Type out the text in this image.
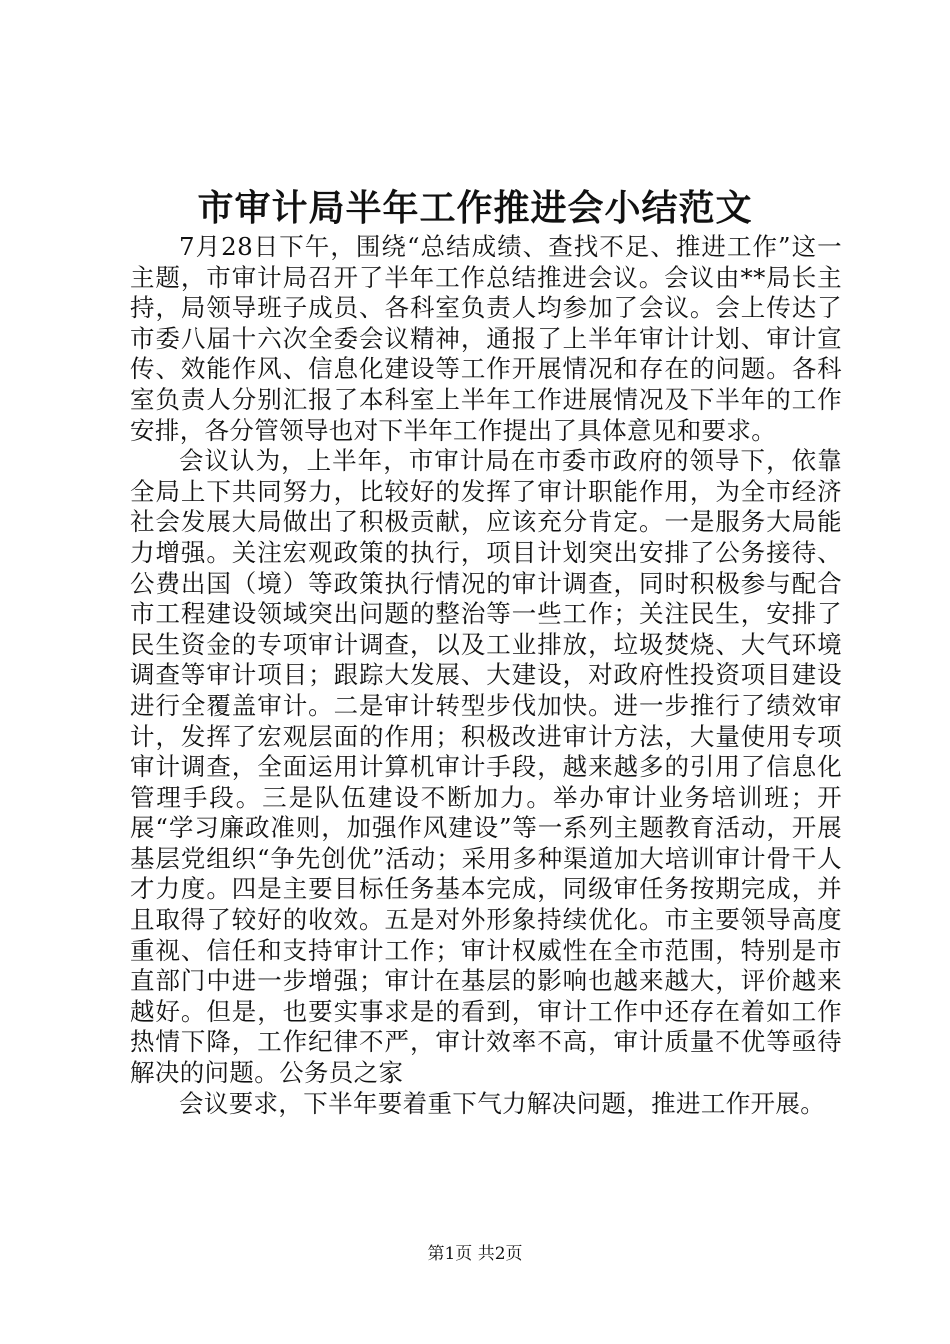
市审计局半年工作推进会小结范文

7月28日下午，围绕“总结成绩、查找不足、推进工作”这一主题，市审计局召开了半年工作总结推进会议。会议由**局长主持，局领导班子成员、各科室负责人均参加了会议。会上传达了市委八届十六次全委会议精神，通报了上半年审计计划、审计宣传、效能作风、信息化建设等工作开展情况和存在的问题。各科室负责人分别汇报了本科室上半年工作进展情况及下半年的工作安排，各分管领导也对下半年工作提出了具体意见和要求。

会议认为，上半年，市审计局在市委市政府的领导下，依靠全局上下共同努力，比较好的发挥了审计职能作用，为全市经济社会发展大局做出了积极贡献，应该充分肯定。一是服务大局能力增强。关注宏观政策的执行，项目计划突出安排了公务接待、公费出国（境）等政策执行情况的审计调查，同时积极参与配合市工程建设领域突出问题的整治等一些工作；关注民生，安排了民生资金的专项审计调查，以及工业排放，垃圾焚烧、大气环境调查等审计项目；跟踪大发展、大建设，对政府性投资项目建设进行全覆盖审计。二是审计转型步伐加快。进一步推行了绩效审计，发挥了宏观层面的作用；积极改进审计方法，大量使用专项审计调查，全面运用计算机审计手段，越来越多的引用了信息化管理手段。三是队伍建设不断加力。举办审计业务培训班；开展“学习廉政准则，加强作风建设”等一系列主题教育活动，开展基层党组织“争先创优”活动；采用多种渠道加大培训审计骨干人才力度。四是主要目标任务基本完成，同级审任务按期完成，并且取得了较好的收效。五是对外形象持续优化。市主要领导高度重视、信任和支持审计工作；审计权威性在全市范围，特别是市直部门中进一步增强；审计在基层的影响也越来越大，评价越来越好。但是，也要实事求是的看到，审计工作中还存在着如工作热情下降，工作纪律不严，审计效率不高，审计质量不优等亟待解决的问题。公务员之家

会议要求，下半年要着重下气力解决问题，推进工作开展。

第1页 共2页
